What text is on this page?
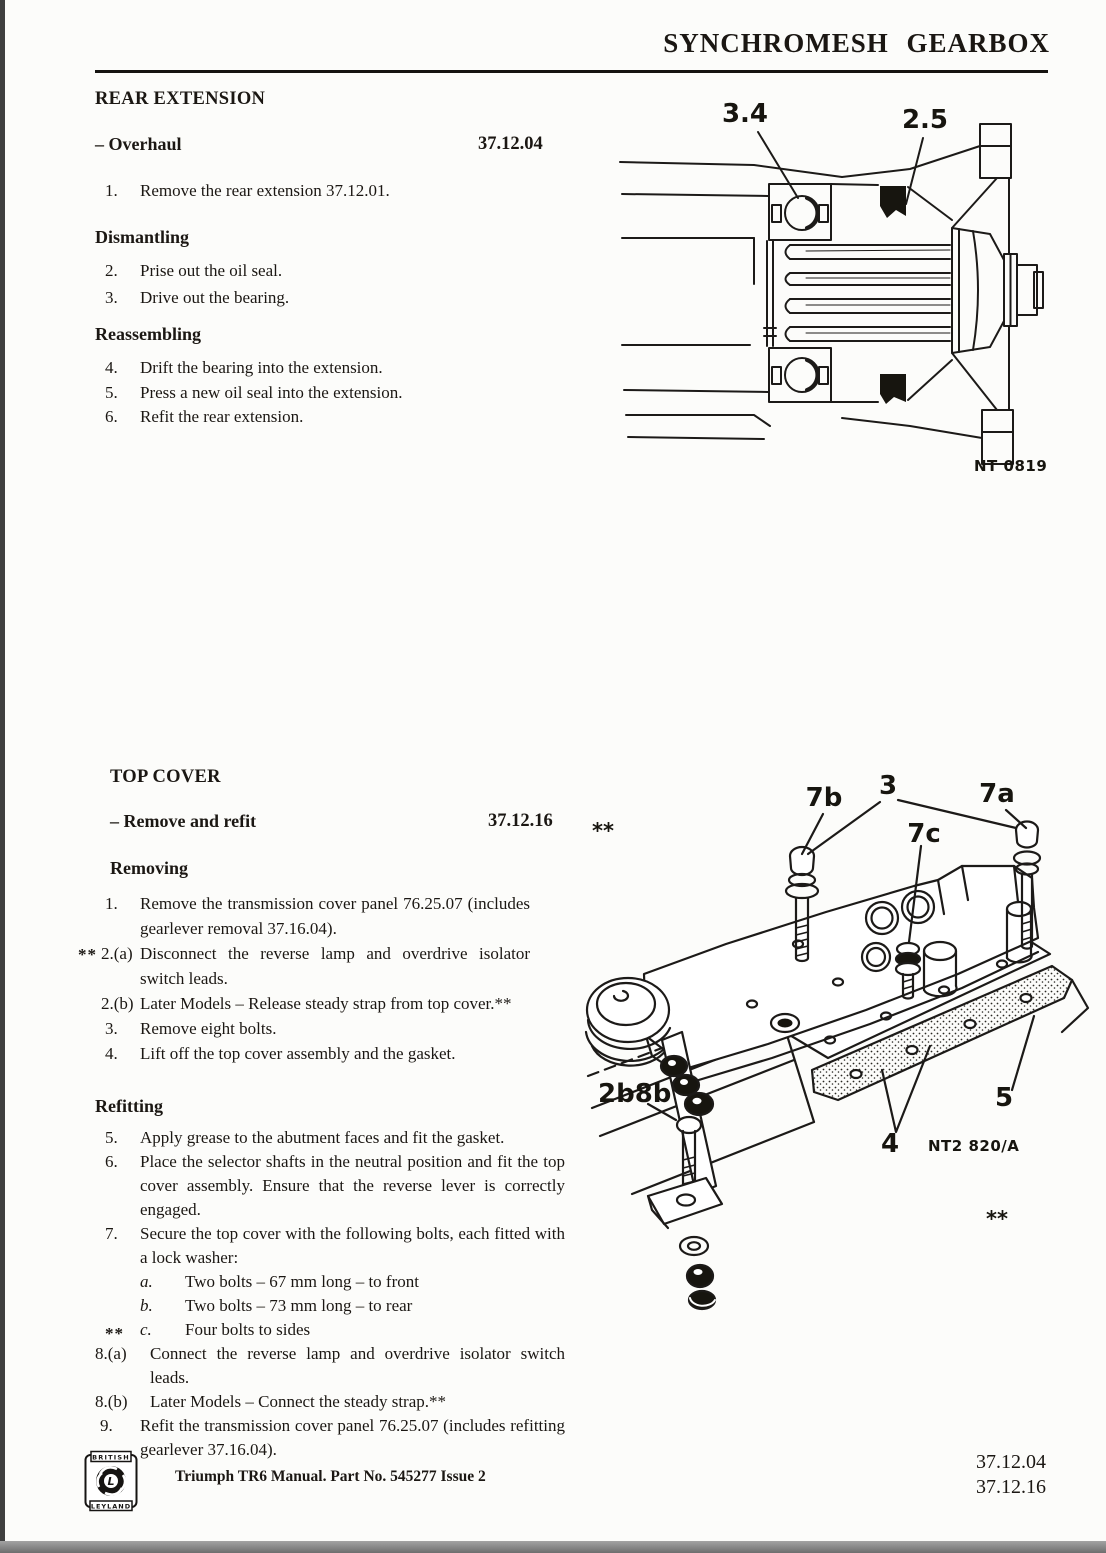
SYNCHROMESH GEARBOX
REAR EXTENSION
– Overhaul	37.12.04
1. Remove the rear extension 37.12.01.
Dismantling
2. Prise out the oil seal.
3. Drive out the bearing.
Reassembling
4. Drift the bearing into the extension.
5. Press a new oil seal into the extension.
6. Refit the rear extension.
3.4	2.5
NT 0819
TOP COVER
– Remove and refit	37.12.16
Removing
1. Remove the transmission cover panel 76.25.07 (includes gearlever removal 37.16.04).
** 2.(a) Disconnect the reverse lamp and overdrive isolator switch leads.
2.(b) Later Models – Release steady strap from top cover.**
3. Remove eight bolts.
4. Lift off the top cover assembly and the gasket.
Refitting
5. Apply grease to the abutment faces and fit the gasket.
6. Place the selector shafts in the neutral position and fit the top cover assembly. Ensure that the reverse lever is correctly engaged.
7. Secure the top cover with the following bolts, each fitted with a lock washer:
a. Two bolts – 67 mm long – to front
b. Two bolts – 73 mm long – to rear
** c. Four bolts to sides
8.(a) Connect the reverse lamp and overdrive isolator switch leads.
8.(b) Later Models – Connect the steady strap.**
9. Refit the transmission cover panel 76.25.07 (includes refitting gearlever 37.16.04).
**
7b 3
7c
7a
2b8b	5
4 NT2 820/A
**
BRITISH
L
LEYLAND
Triumph TR6 Manual. Part No. 545277 Issue 2
37.12.04
37.12.16
